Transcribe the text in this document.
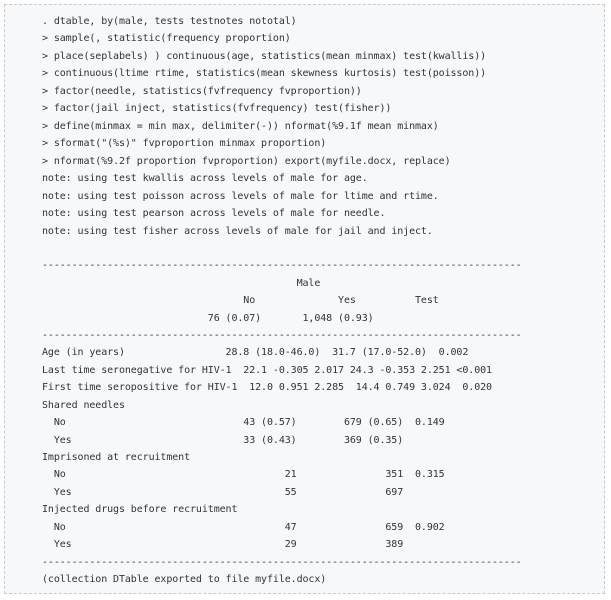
. dtable, by(male, tests testnotes nototal)
> sample(, statistic(frequency proportion)
> place(seplabels) ) continuous(age, statistics(mean minmax) test(kwallis))
> continuous(ltime rtime, statistics(mean skewness kurtosis) test(poisson))
> factor(needle, statistics(fvfrequency fvproportion))
> factor(jail inject, statistics(fvfrequency) test(fisher))
> define(minmax = min max, delimiter(-)) nformat(%9.1f mean minmax)
> sformat("(%s)" fvproportion minmax proportion)
> nformat(%9.2f proportion fvproportion) export(myfile.docx, replace)
note: using test kwallis across levels of male for age.
note: using test poisson across levels of male for ltime and rtime.
note: using test pearson across levels of male for needle.
note: using test fisher across levels of male for jail and inject.
---------------------------------------------------------------------------------
Male
No              Yes          Test
76 (0.07)       1,048 (0.93)
---------------------------------------------------------------------------------
Age (in years)                 28.8 (18.0-46.0)  31.7 (17.0-52.0)  0.002
Last time seronegative for HIV-1  22.1 -0.305 2.017 24.3 -0.353 2.251 <0.001
First time seropositive for HIV-1  12.0 0.951 2.285  14.4 0.749 3.024  0.020
Shared needles
No                              43 (0.57)        679 (0.65)  0.149
Yes                             33 (0.43)        369 (0.35)
Imprisoned at recruitment
No                                     21               351  0.315
Yes                                    55               697
Injected drugs before recruitment
No                                     47               659  0.902
Yes                                    29               389
---------------------------------------------------------------------------------
(collection DTable exported to file myfile.docx)
